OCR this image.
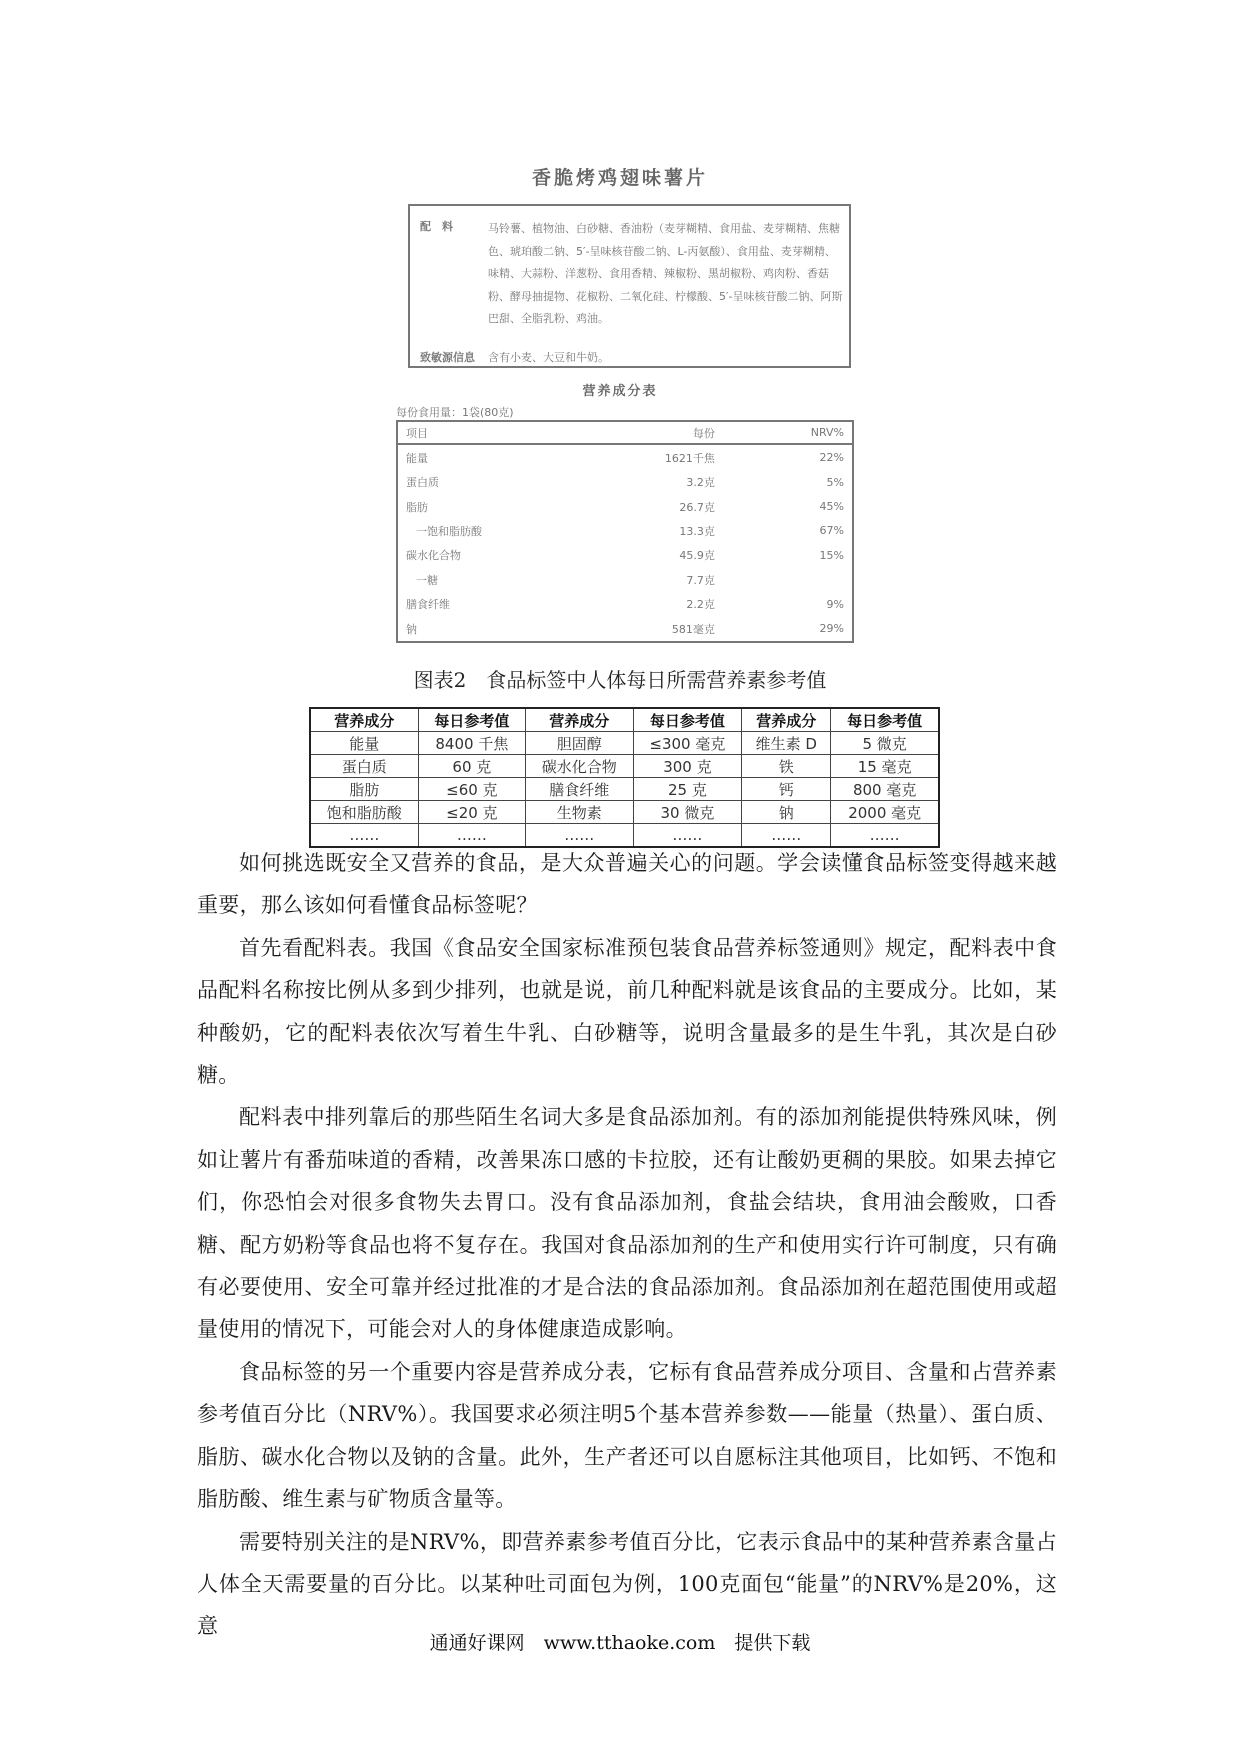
香脆烤鸡翅味薯片
配　料	马铃薯、植物油、白砂糖、香油粉（麦芽糊精、食用盐、麦芽糊精、焦糖色、琥珀酸二钠、5′-呈味核苷酸二钠、L-丙氨酸）、食用盐、麦芽糊精、味精、大蒜粉、洋葱粉、食用香精、辣椒粉、黑胡椒粉、鸡肉粉、香菇粉、酵母抽提物、花椒粉、二氧化硅、柠檬酸、5′-呈味核苷酸二钠、阿斯巴甜、全脂乳粉、鸡油。
致敏源信息	含有小麦、大豆和牛奶。
营养成分表
每份食用量：1袋(80克)
项目	每份	NRV%
能量	1621千焦	22%
蛋白质	3.2克	5%
脂肪	26.7克	45%
一饱和脂肪酸	13.3克	67%
碳水化合物	45.9克	15%
一糖	7.7克	
膳食纤维	2.2克	9%
钠	581毫克	29%
图表2　食品标签中人体每日所需营养素参考值
营养成分	每日参考值	营养成分	每日参考值	营养成分	每日参考值
能量	8400 千焦	胆固醇	≤300 毫克	维生素 D	5 微克
蛋白质	60 克	碳水化合物	300 克	铁	15 毫克
脂肪	≤60 克	膳食纤维	25 克	钙	800 毫克
饱和脂肪酸	≤20 克	生物素	30 微克	钠	2000 毫克
……	……	……	……	……	……

如何挑选既安全又营养的食品，是大众普遍关心的问题。学会读懂食品标签变得越来越重要，那么该如何看懂食品标签呢？

首先看配料表。我国《食品安全国家标准预包装食品营养标签通则》规定，配料表中食品配料名称按比例从多到少排列，也就是说，前几种配料就是该食品的主要成分。比如，某种酸奶，它的配料表依次写着生牛乳、白砂糖等，说明含量最多的是生牛乳，其次是白砂糖。

配料表中排列靠后的那些陌生名词大多是食品添加剂。有的添加剂能提供特殊风味，例如让薯片有番茄味道的香精，改善果冻口感的卡拉胶，还有让酸奶更稠的果胶。如果去掉它们，你恐怕会对很多食物失去胃口。没有食品添加剂，食盐会结块，食用油会酸败，口香糖、配方奶粉等食品也将不复存在。我国对食品添加剂的生产和使用实行许可制度，只有确有必要使用、安全可靠并经过批准的才是合法的食品添加剂。食品添加剂在超范围使用或超量使用的情况下，可能会对人的身体健康造成影响。

食品标签的另一个重要内容是营养成分表，它标有食品营养成分项目、含量和占营养素参考值百分比（NRV%）。我国要求必须注明5个基本营养参数——能量（热量）、蛋白质、脂肪、碳水化合物以及钠的含量。此外，生产者还可以自愿标注其他项目，比如钙、不饱和脂肪酸、维生素与矿物质含量等。

需要特别关注的是NRV%，即营养素参考值百分比，它表示食品中的某种营养素含量占人体全天需要量的百分比。以某种吐司面包为例，100克面包“能量”的NRV%是20%，这意

通通好课网　www.tthaoke.com　提供下载
